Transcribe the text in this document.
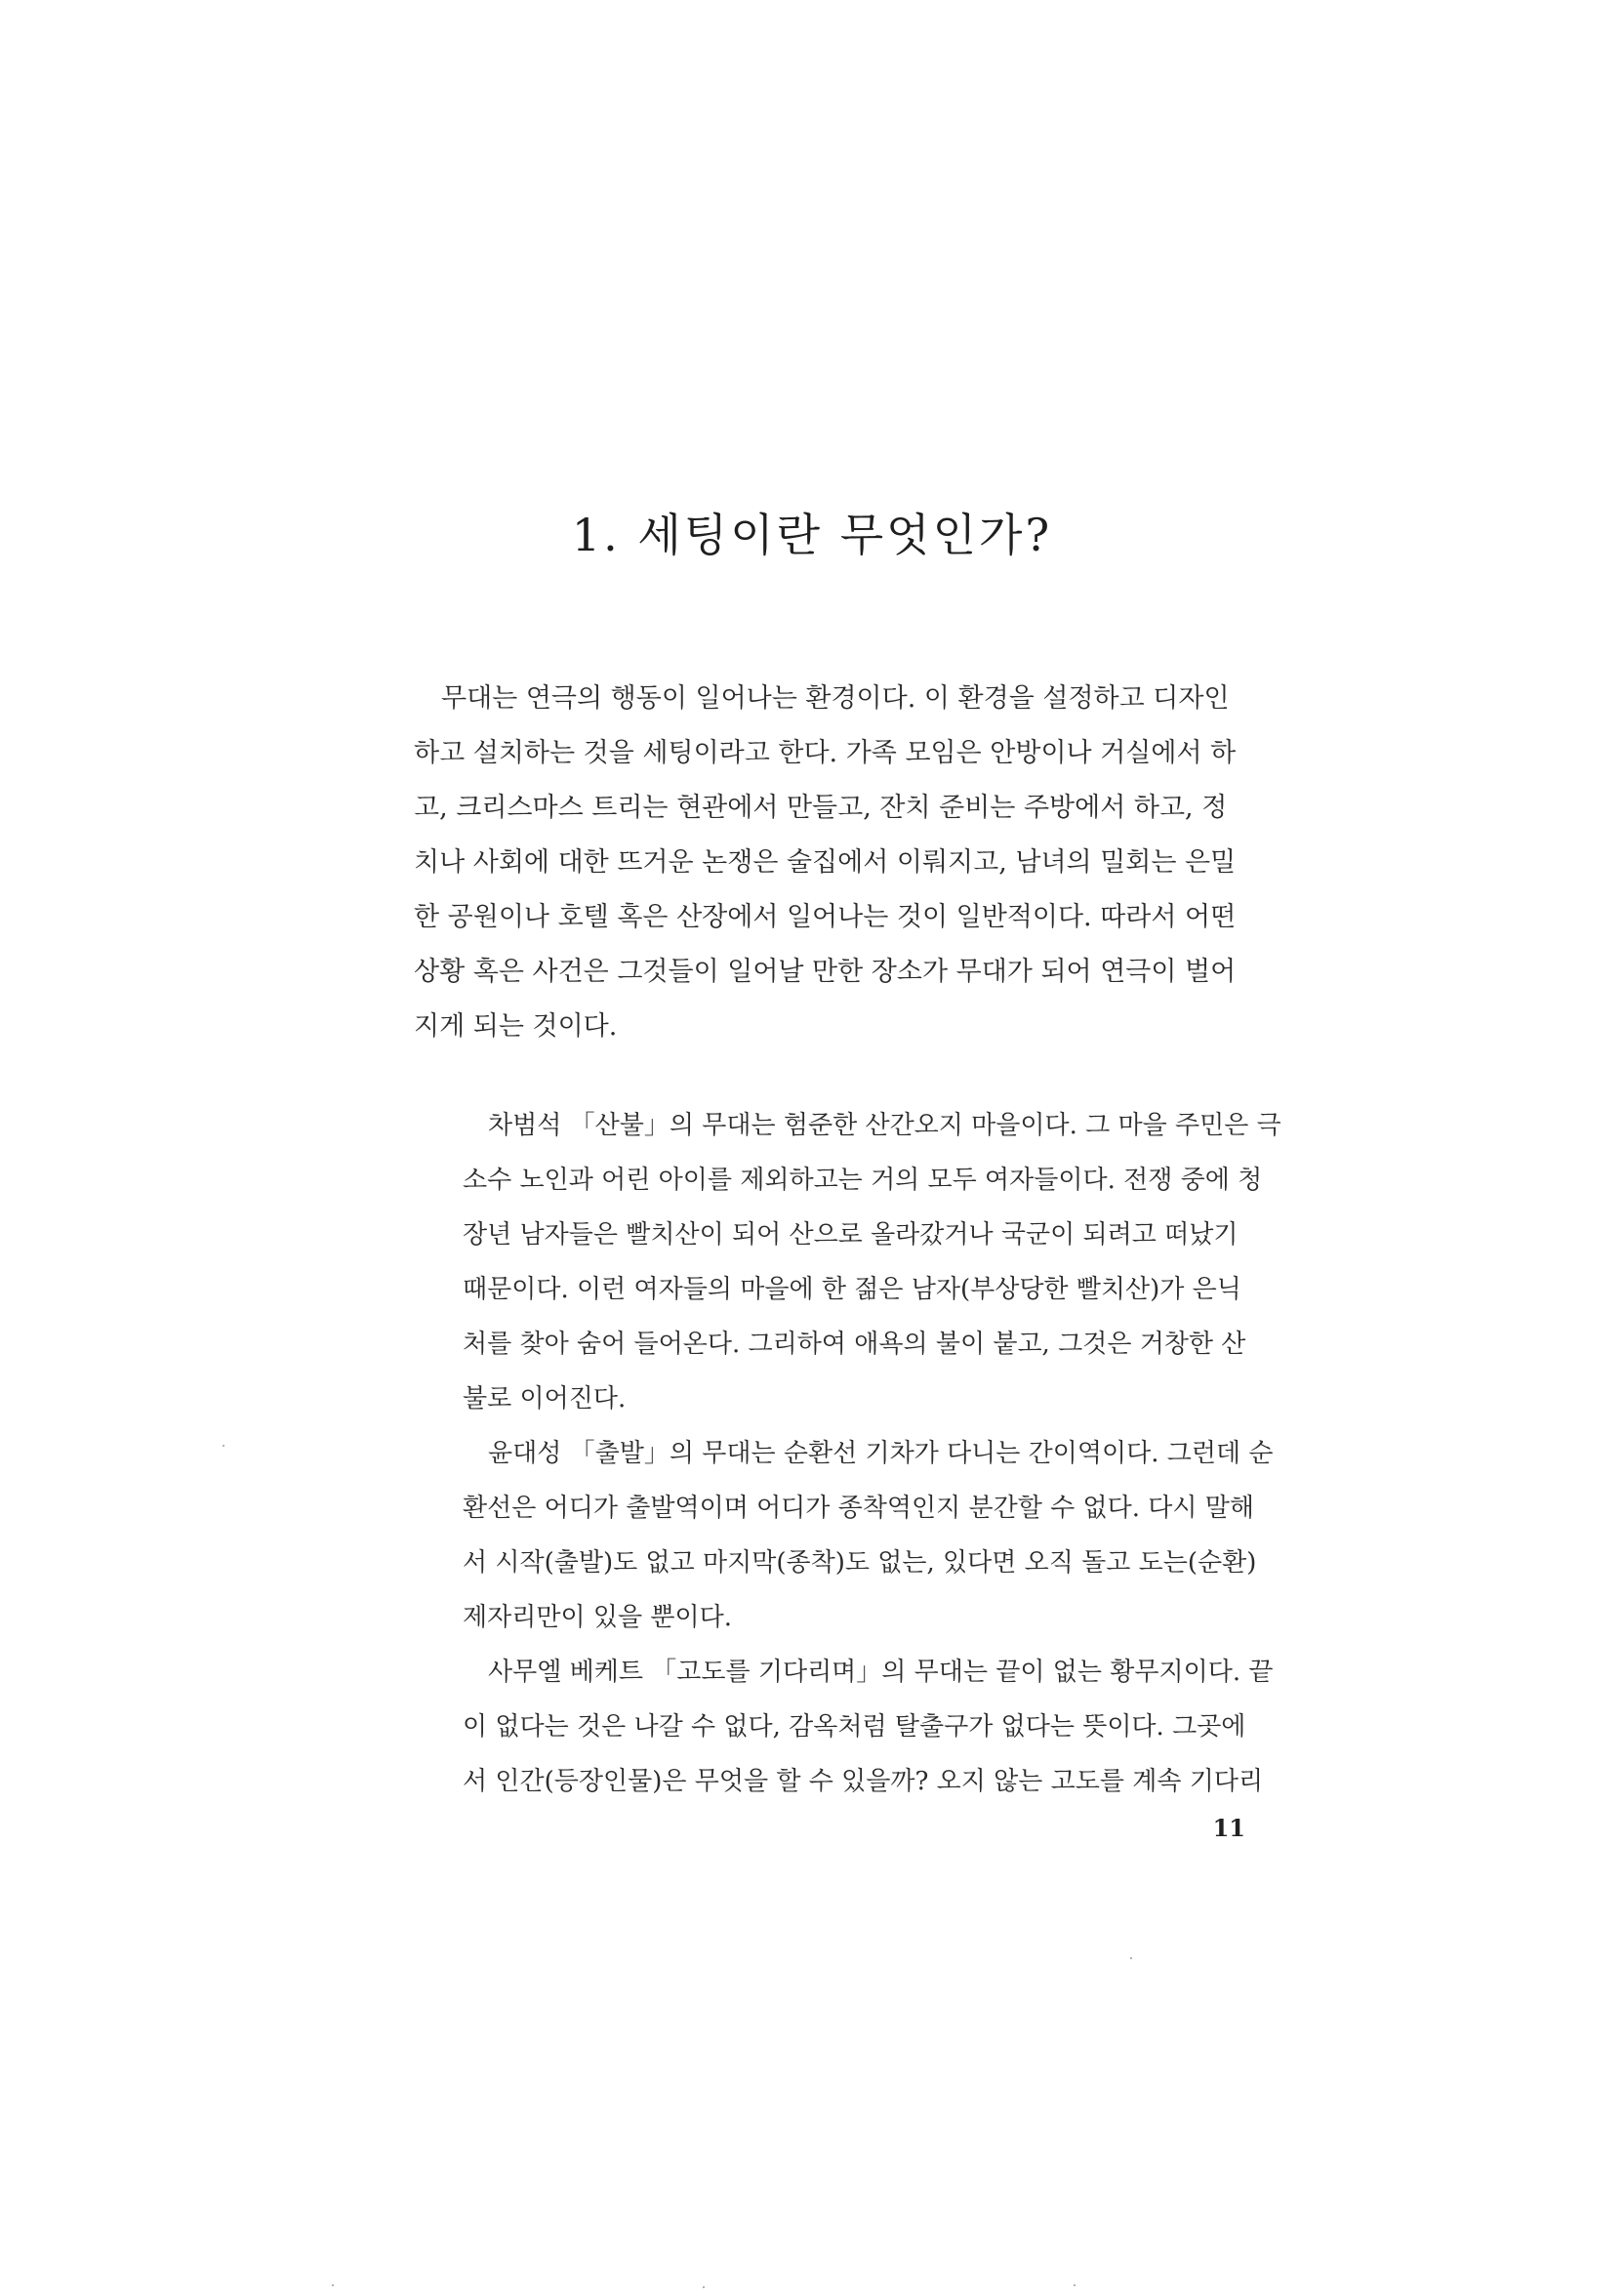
1. 세팅이란 무엇인가?
무대는 연극의 행동이 일어나는 환경이다. 이 환경을 설정하고 디자인
하고 설치하는 것을 세팅이라고 한다. 가족 모임은 안방이나 거실에서 하
고, 크리스마스 트리는 현관에서 만들고, 잔치 준비는 주방에서 하고, 정
치나 사회에 대한 뜨거운 논쟁은 술집에서 이뤄지고, 남녀의 밀회는 은밀
한 공원이나 호텔 혹은 산장에서 일어나는 것이 일반적이다. 따라서 어떤
상황 혹은 사건은 그것들이 일어날 만한 장소가 무대가 되어 연극이 벌어
지게 되는 것이다.
차범석 「산불」의 무대는 험준한 산간오지 마을이다. 그 마을 주민은 극
소수 노인과 어린 아이를 제외하고는 거의 모두 여자들이다. 전쟁 중에 청
장년 남자들은 빨치산이 되어 산으로 올라갔거나 국군이 되려고 떠났기
때문이다. 이런 여자들의 마을에 한 젊은 남자(부상당한 빨치산)가 은닉
처를 찾아 숨어 들어온다. 그리하여 애욕의 불이 붙고, 그것은 거창한 산
불로 이어진다.
윤대성 「출발」의 무대는 순환선 기차가 다니는 간이역이다. 그런데 순
환선은 어디가 출발역이며 어디가 종착역인지 분간할 수 없다. 다시 말해
서 시작(출발)도 없고 마지막(종착)도 없는, 있다면 오직 돌고 도는(순환)
제자리만이 있을 뿐이다.
사무엘 베케트 「고도를 기다리며」의 무대는 끝이 없는 황무지이다. 끝
이 없다는 것은 나갈 수 없다, 감옥처럼 탈출구가 없다는 뜻이다. 그곳에
서 인간(등장인물)은 무엇을 할 수 있을까? 오지 않는 고도를 계속 기다리
11
